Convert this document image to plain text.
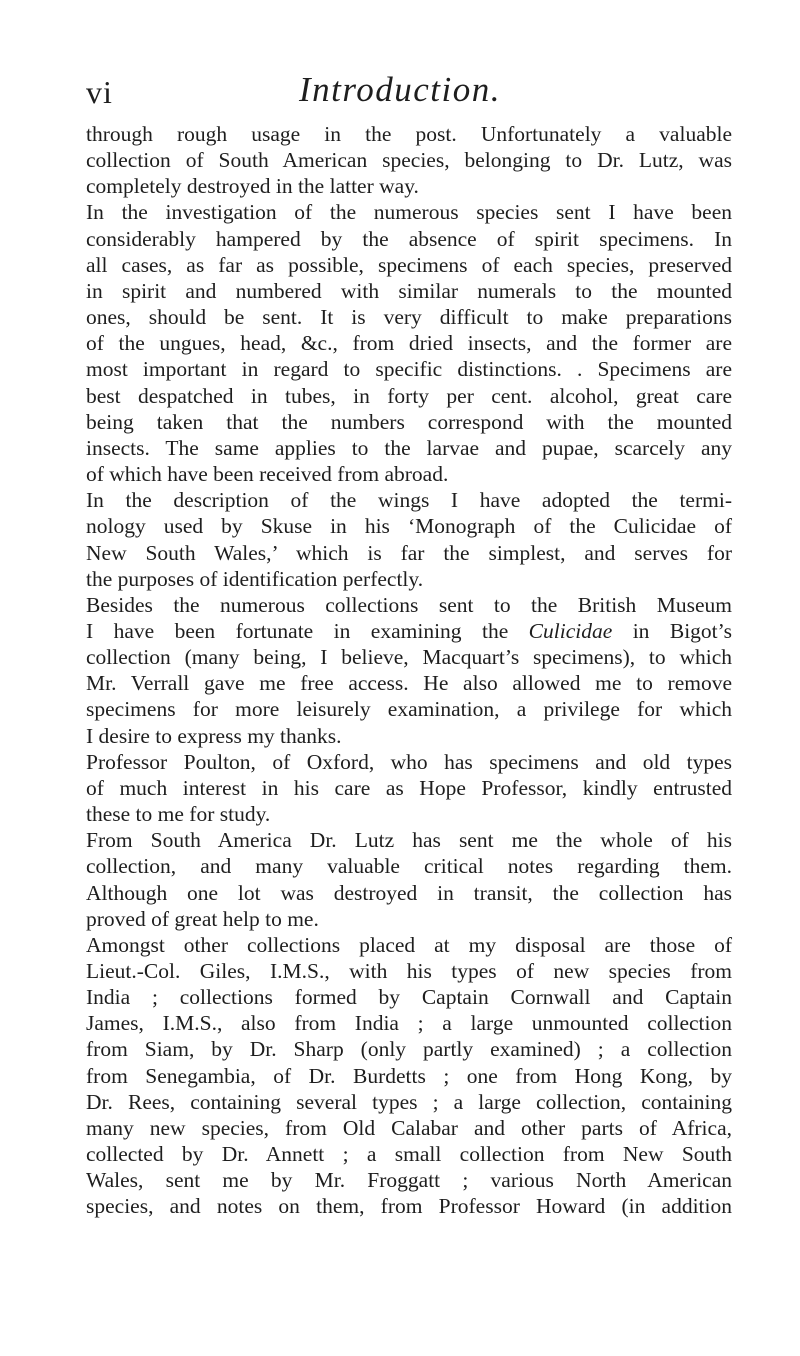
vi	Introduction.

through rough usage in the post. Unfortunately a valuable
collection of South American species, belonging to Dr. Lutz, was
completely destroyed in the latter way.

In the investigation of the numerous species sent I have been
considerably hampered by the absence of spirit specimens. In
all cases, as far as possible, specimens of each species, preserved
in spirit and numbered with similar numerals to the mounted
ones, should be sent. It is very difficult to make preparations
of the ungues, head, &c., from dried insects, and the former are
most important in regard to specific distinctions. . Specimens are
best despatched in tubes, in forty per cent. alcohol, great care
being taken that the numbers correspond with the mounted
insects. The same applies to the larvae and pupae, scarcely any
of which have been received from abroad.

In the description of the wings I have adopted the termi-
nology used by Skuse in his ‘Monograph of the Culicidae of
New South Wales,’ which is far the simplest, and serves for
the purposes of identification perfectly.

Besides the numerous collections sent to the British Museum
I have been fortunate in examining the Culicidae in Bigot’s
collection (many being, I believe, Macquart’s specimens), to which
Mr. Verrall gave me free access. He also allowed me to remove
specimens for more leisurely examination, a privilege for which
I desire to express my thanks.

Professor Poulton, of Oxford, who has specimens and old types
of much interest in his care as Hope Professor, kindly entrusted
these to me for study.

From South America Dr. Lutz has sent me the whole of his
collection, and many valuable critical notes regarding them.
Although one lot was destroyed in transit, the collection has
proved of great help to me.

Amongst other collections placed at my disposal are those of
Lieut.-Col. Giles, I.M.S., with his types of new species from
India ; collections formed by Captain Cornwall and Captain
James, I.M.S., also from India ; a large unmounted collection
from Siam, by Dr. Sharp (only partly examined) ; a collection
from Senegambia, of Dr. Burdetts ; one from Hong Kong, by
Dr. Rees, containing several types ; a large collection, containing
many new species, from Old Calabar and other parts of Africa,
collected by Dr. Annett ; a small collection from New South
Wales, sent me by Mr. Froggatt ; various North American
species, and notes on them, from Professor Howard (in addition
